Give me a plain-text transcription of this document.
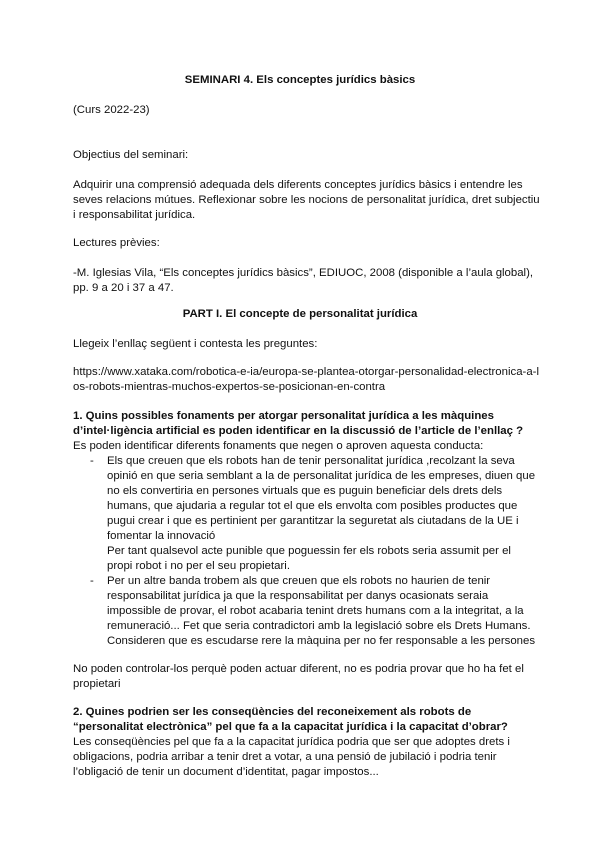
SEMINARI 4. Els conceptes jurídics bàsics
(Curs 2022-23)
Objectius del seminari:
Adquirir una comprensió adequada dels diferents conceptes jurídics bàsics i entendre les
seves relacions mútues. Reflexionar sobre les nocions de personalitat jurídica, dret subjectiu
i responsabilitat jurídica.
Lectures prèvies:
-M. Iglesias Vila, “Els conceptes jurídics bàsics”, EDIUOC, 2008 (disponible a l’aula global),
pp. 9 a 20 i 37 a 47.
PART I. El concepte de personalitat jurídica
Llegeix l’enllaç següent i contesta les preguntes:
https://www.xataka.com/robotica-e-ia/europa-se-plantea-otorgar-personalidad-electronica-a-l
os-robots-mientras-muchos-expertos-se-posicionan-en-contra
1. Quins possibles fonaments per atorgar personalitat jurídica a les màquines
d’intel·ligència artificial es poden identificar en la discussió de l’article de l’enllaç ?
Es poden identificar diferents fonaments que negen o aproven aquesta conducta:
- Els que creuen que els robots han de tenir personalitat jurídica ,recolzant la seva
opinió en que seria semblant a la de personalitat jurídica de les empreses, diuen que
no els convertiria en persones virtuals que es puguin beneficiar dels drets dels
humans, que ajudaria a regular tot el que els envolta com posibles productes que
pugui crear i que es pertinient per garantitzar la seguretat als ciutadans de la UE i
fomentar la innovació
Per tant qualsevol acte punible que poguessin fer els robots seria assumit per el
propi robot i no per el seu propietari.
- Per un altre banda trobem als que creuen que els robots no haurien de tenir
responsabilitat jurídica ja que la responsabilitat per danys ocasionats seraia
impossible de provar, el robot acabaria tenint drets humans com a la integritat, a la
remuneració... Fet que seria contradictori amb la legislació sobre els Drets Humans.
Consideren que es escudarse rere la màquina per no fer responsable a les persones
No poden controlar-los perquè poden actuar diferent, no es podria provar que ho ha fet el
propietari
2. Quines podrien ser les conseqüències del reconeixement als robots de
“personalitat electrònica” pel que fa a la capacitat jurídica i la capacitat d’obrar?
Les conseqüències pel que fa a la capacitat jurídica podria que ser que adoptes drets i
obligacions, podria arribar a tenir dret a votar, a una pensió de jubilació i podria tenir
l’obligació de tenir un document d’identitat, pagar impostos...
